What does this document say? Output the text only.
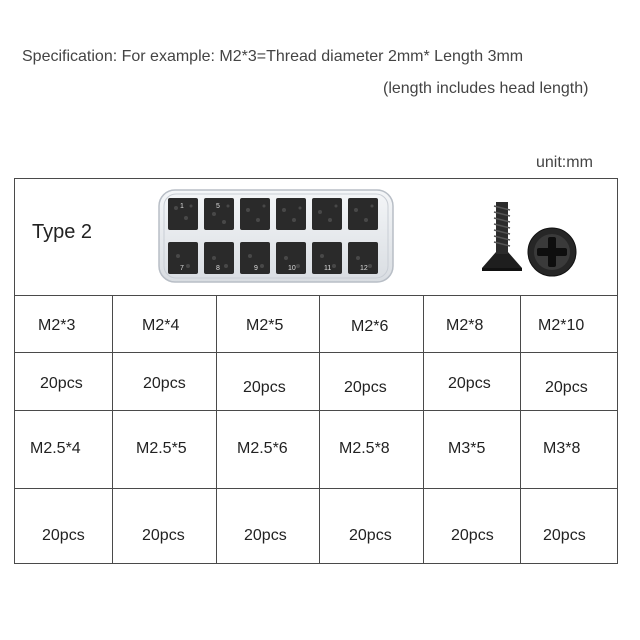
Specification: For example: M2*3=Thread diameter 2mm* Length 3mm
(length includes head length)
unit:mm
Type 2
1	5
7	8	9	10	11	12
M2*3	M2*4	M2*5	M2*6	M2*8	M2*10
20pcs	20pcs	20pcs	20pcs	20pcs	20pcs
M2.5*4	M2.5*5	M2.5*6	M2.5*8	M3*5	M3*8
20pcs	20pcs	20pcs	20pcs	20pcs	20pcs
